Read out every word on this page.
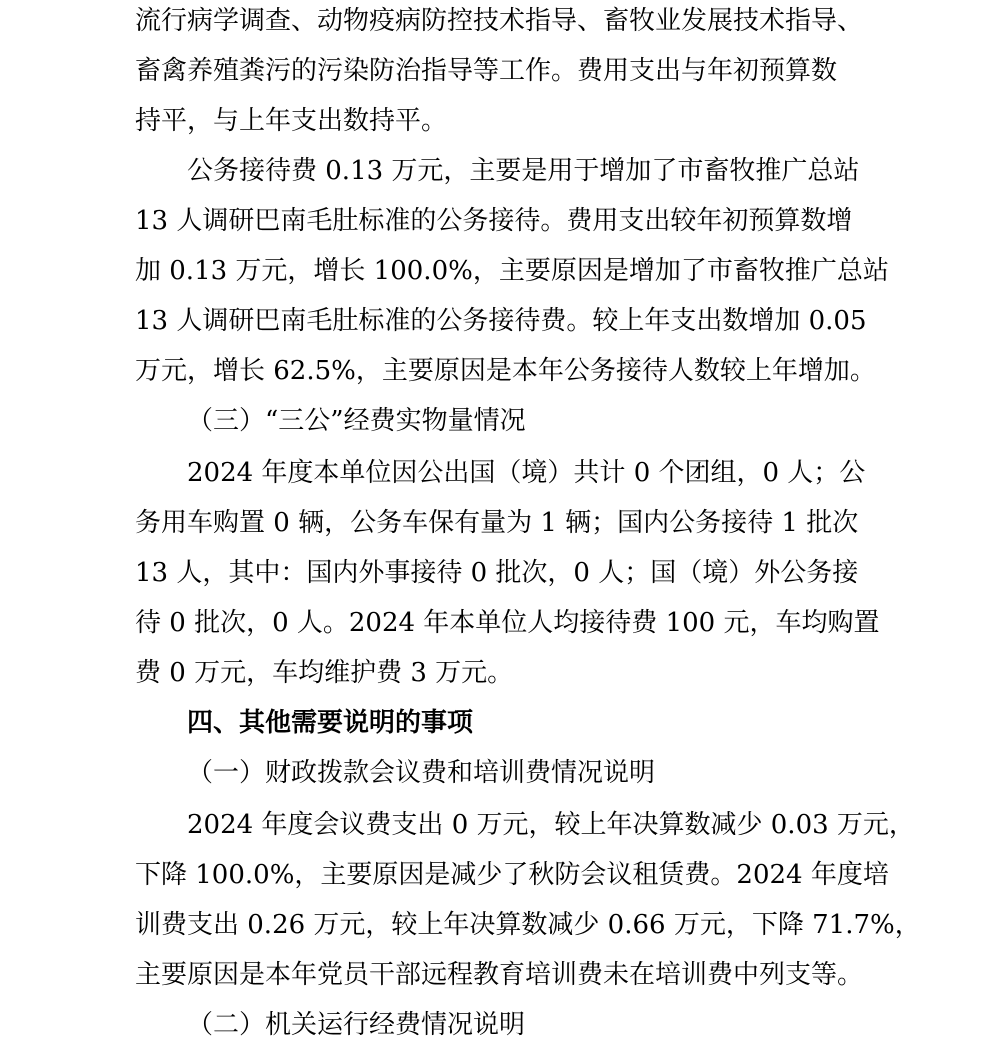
流行病学调查、动物疫病防控技术指导、畜牧业发展技术指导、
畜禽养殖粪污的污染防治指导等工作。费用支出与年初预算数
持平，与上年支出数持平。
公务接待费 0.13 万元，主要是用于增加了市畜牧推广总站
13 人调研巴南毛肚标准的公务接待。费用支出较年初预算数增
加 0.13 万元，增长 100.0%，主要原因是增加了市畜牧推广总站
13 人调研巴南毛肚标准的公务接待费。较上年支出数增加 0.05
万元，增长 62.5%，主要原因是本年公务接待人数较上年增加。
（三）“三公”经费实物量情况
2024 年度本单位因公出国（境）共计 0 个团组，0 人；公
务用车购置 0 辆，公务车保有量为 1 辆；国内公务接待 1 批次
13 人，其中：国内外事接待 0 批次，0 人；国（境）外公务接
待 0 批次，0 人。2024 年本单位人均接待费 100 元，车均购置
费 0 万元，车均维护费 3 万元。
四、其他需要说明的事项
（一）财政拨款会议费和培训费情况说明
2024 年度会议费支出 0 万元，较上年决算数减少 0.03 万元，
下降 100.0%，主要原因是减少了秋防会议租赁费。2024 年度培
训费支出 0.26 万元，较上年决算数减少 0.66 万元，下降 71.7%，
主要原因是本年党员干部远程教育培训费未在培训费中列支等。
（二）机关运行经费情况说明
